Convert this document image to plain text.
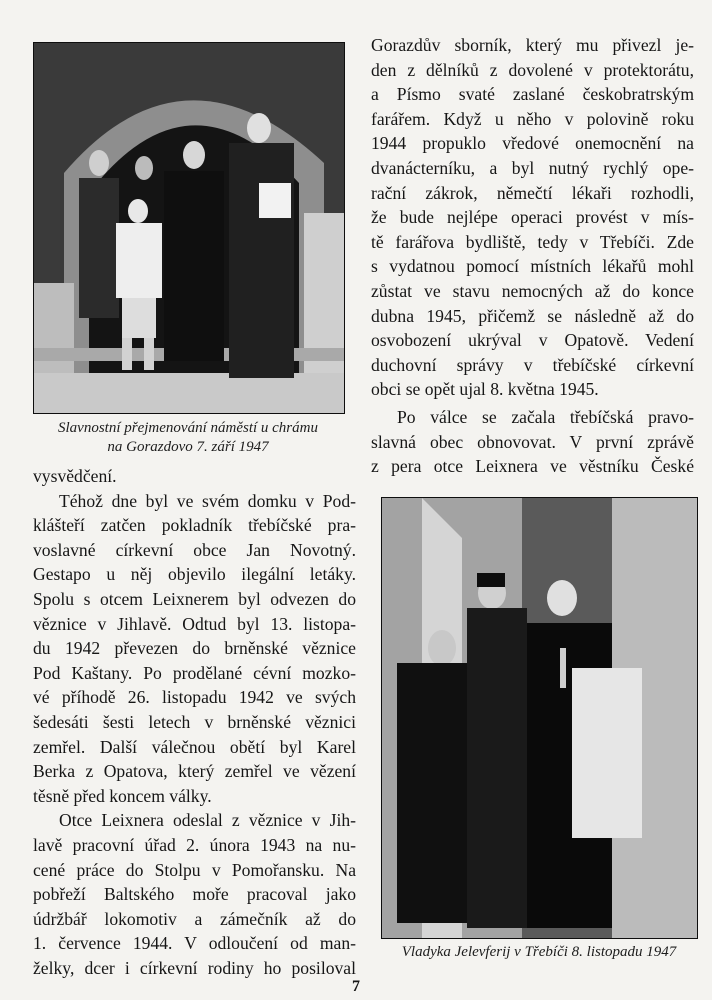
Slavnostní přejmenování náměstí u chrámu
na Gorazdovo 7. září 1947
Vladyka Jelevferij v Třebíči 8. listopadu 1947

Gorazdův sborník, který mu přivezl je-
den z dělníků z dovolené v protektorátu,
a Písmo svaté zaslané českobratrským
farářem. Když u něho v polovině roku
1944 propuklo vředové onemocnění na
dvanácterníku, a byl nutný rychlý ope-
rační zákrok, němečtí lékaři rozhodli,
že bude nejlépe operaci provést v mís-
tě farářova bydliště, tedy v Třebíči. Zde
s vydatnou pomocí místních lékařů mohl
zůstat ve stavu nemocných až do konce
dubna 1945, přičemž se následně až do
osvobození ukrýval v Opatově. Vedení
duchovní správy v třebíčské církevní
obci se opět ujal 8. května 1945.

Po válce se začala třebíčská pravo-
slavná obec obnovovat. V první zprávě
z pera otce Leixnera ve věstníku České

vysvědčení.

Téhož dne byl ve svém domku v Pod-
klášteří zatčen pokladník třebíčské pra-
voslavné církevní obce Jan Novotný.
Gestapo u něj objevilo ilegální letáky.
Spolu s otcem Leixnerem byl odvezen do
věznice v Jihlavě. Odtud byl 13. listopa-
du 1942 převezen do brněnské věznice
Pod Kaštany. Po prodělané cévní mozko-
vé příhodě 26. listopadu 1942 ve svých
šedesáti šesti letech v brněnské věznici
zemřel. Další válečnou obětí byl Karel
Berka z Opatova, který zemřel ve vězení
těsně před koncem války.

Otce Leixnera odeslal z věznice v Jih-
lavě pracovní úřad 2. února 1943 na nu-
cené práce do Stolpu v Pomořansku. Na
pobřeží Baltského moře pracoval jako
údržbář lokomotiv a zámečník až do
1. července 1944. V odloučení od man-
želky, dcer i církevní rodiny ho posiloval

7
